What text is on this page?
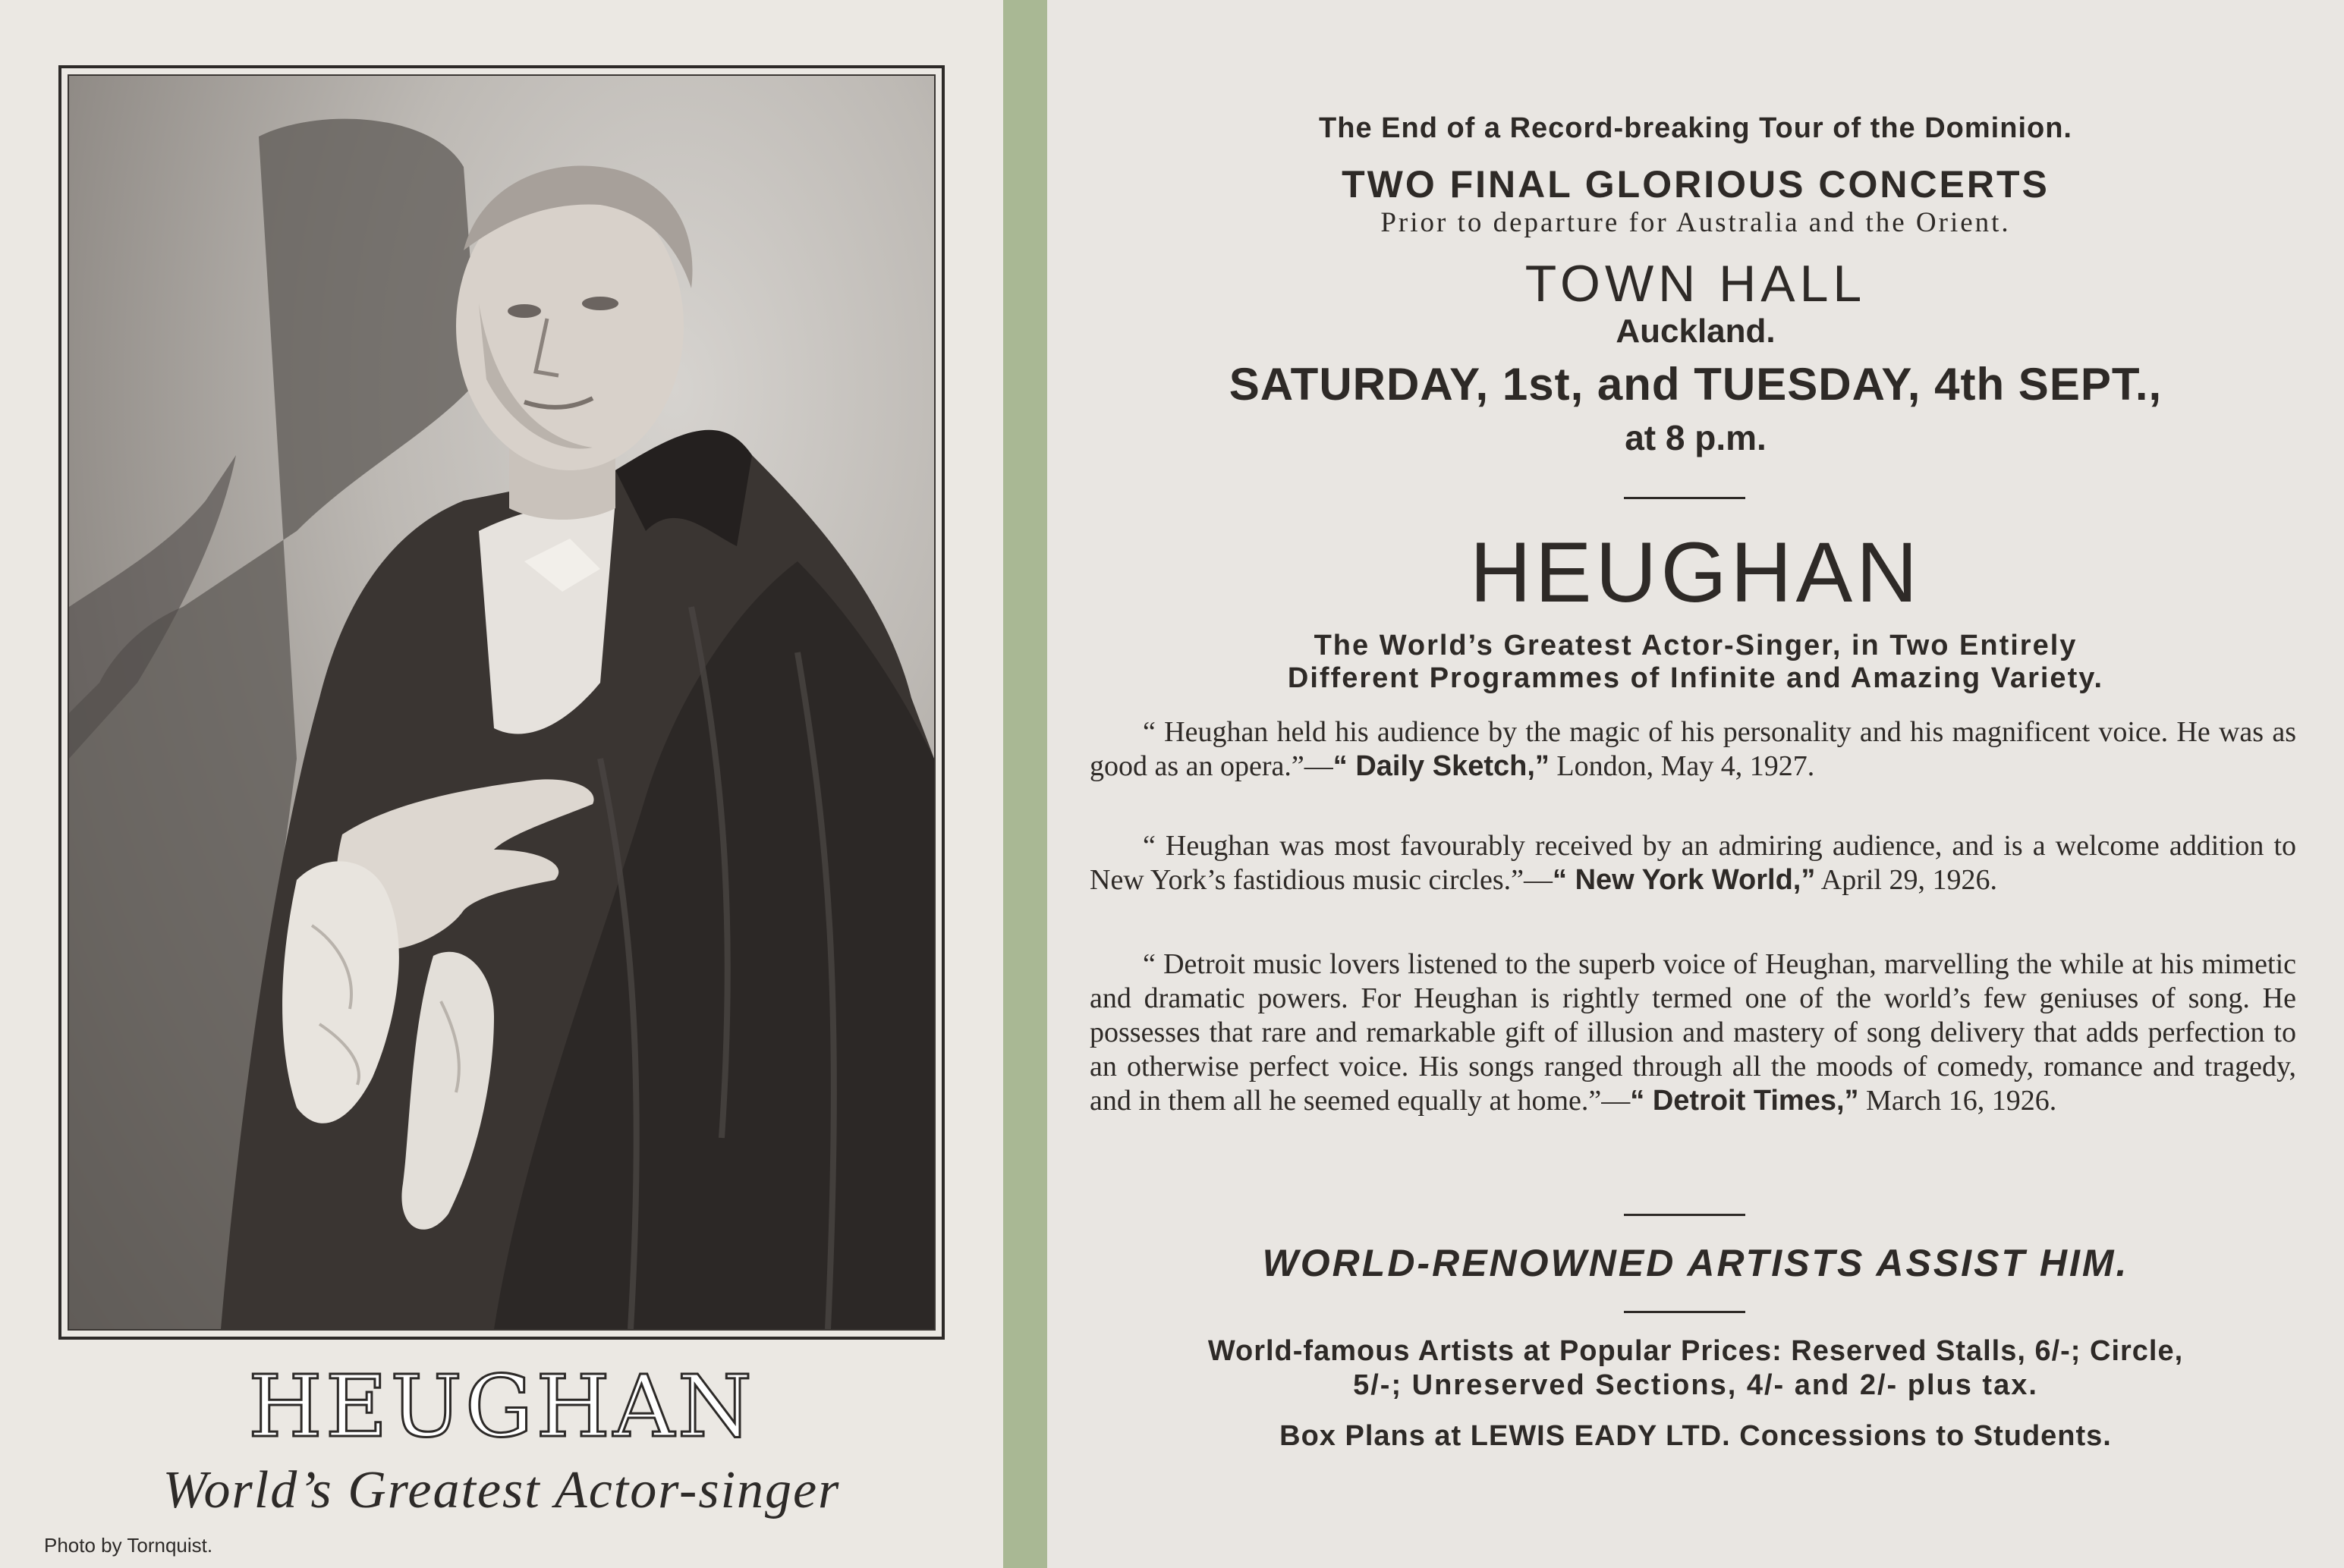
HEUGHAN
World’s Greatest Actor-singer
Photo by Tornquist.
The End of a Record-breaking Tour of the Dominion.
TWO FINAL GLORIOUS CONCERTS
Prior to departure for Australia and the Orient.
TOWN HALL
Auckland.
SATURDAY, 1st, and TUESDAY, 4th SEPT.,
at 8 p.m.
HEUGHAN
The World’s Greatest Actor-Singer, in Two Entirely
Different Programmes of Infinite and Amazing Variety.
“ Heughan held his audience by the magic of his personality and his magnificent voice. He was as good as an opera.”—“ Daily Sketch,” London, May 4, 1927.
“ Heughan was most favourably received by an admiring audience, and is a welcome addition to New York’s fastidious music circles.”—“ New York World,” April 29, 1926.
“ Detroit music lovers listened to the superb voice of Heughan, marvelling the while at his mimetic and dramatic powers. For Heughan is rightly termed one of the world’s few geniuses of song. He possesses that rare and remarkable gift of illusion and mastery of song delivery that adds perfection to an otherwise perfect voice. His songs ranged through all the moods of comedy, romance and tragedy, and in them all he seemed equally at home.”—“ Detroit Times,” March 16, 1926.
WORLD-RENOWNED ARTISTS ASSIST HIM.
World-famous Artists at Popular Prices: Reserved Stalls, 6/-; Circle,
5/-; Unreserved Sections, 4/- and 2/- plus tax.
Box Plans at LEWIS EADY LTD. Concessions to Students.
